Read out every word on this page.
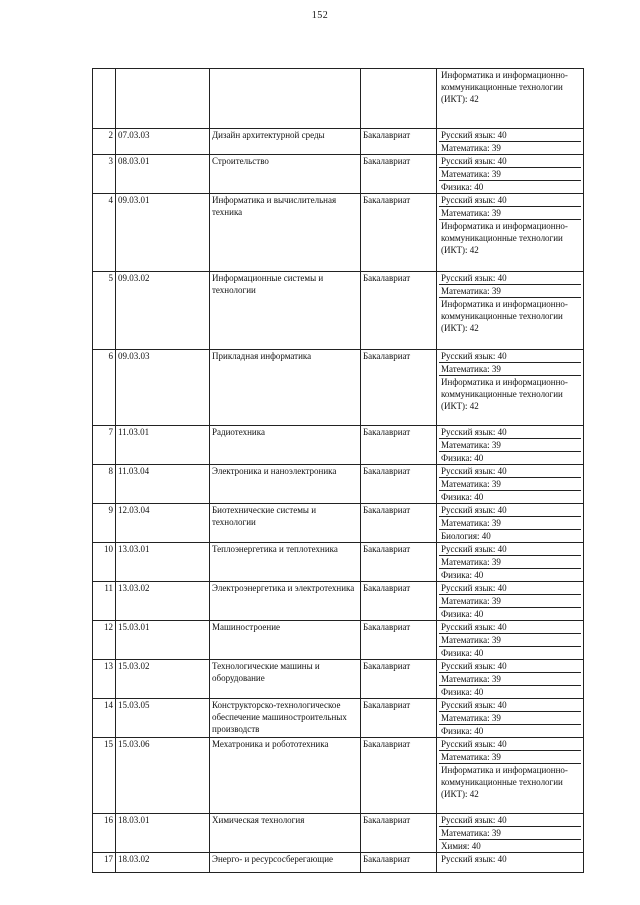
152

Информатика и информационно-коммуникационные технологии (ИКТ): 42

2	07.03.03	Дизайн архитектурной среды	Бакалавриат		Русский язык: 40
Математика: 39

3	08.03.01	Строительство	Бакалавриат		Русский язык: 40
Математика: 39
Физика: 40

4	09.03.01	Информатика и вычислительная техника	Бакалавриат		Русский язык: 40
Математика: 39
Информатика и информационно-коммуникационные технологии (ИКТ): 42

5	09.03.02	Информационные системы и технологии	Бакалавриат		Русский язык: 40
Математика: 39
Информатика и информационно-коммуникационные технологии (ИКТ): 42

6	09.03.03	Прикладная информатика	Бакалавриат		Русский язык: 40
Математика: 39
Информатика и информационно-коммуникационные технологии (ИКТ): 42

7	11.03.01	Радиотехника	Бакалавриат		Русский язык: 40
Математика: 39
Физика: 40

8	11.03.04	Электроника и наноэлектроника	Бакалавриат		Русский язык: 40
Математика: 39
Физика: 40

9	12.03.04	Биотехнические системы и технологии	Бакалавриат		Русский язык: 40
Математика: 39
Биология: 40

10	13.03.01	Теплоэнергетика и теплотехника	Бакалавриат		Русский язык: 40
Математика: 39
Физика: 40

11	13.03.02	Электроэнергетика и электротехника	Бакалавриат		Русский язык: 40
Математика: 39
Физика: 40

12	15.03.01	Машиностроение	Бакалавриат		Русский язык: 40
Математика: 39
Физика: 40

13	15.03.02	Технологические машины и оборудование	Бакалавриат		Русский язык: 40
Математика: 39
Физика: 40

14	15.03.05	Конструкторско-технологическое обеспечение машиностроительных производств	Бакалавриат		Русский язык: 40
Математика: 39
Физика: 40

15	15.03.06	Мехатроника и робототехника	Бакалавриат		Русский язык: 40
Математика: 39
Информатика и информационно-коммуникационные технологии (ИКТ): 42

16	18.03.01	Химическая технология	Бакалавриат		Русский язык: 40
Математика: 39
Химия: 40

17	18.03.02	Энерго- и ресурсосберегающие	Бакалавриат		Русский язык: 40
